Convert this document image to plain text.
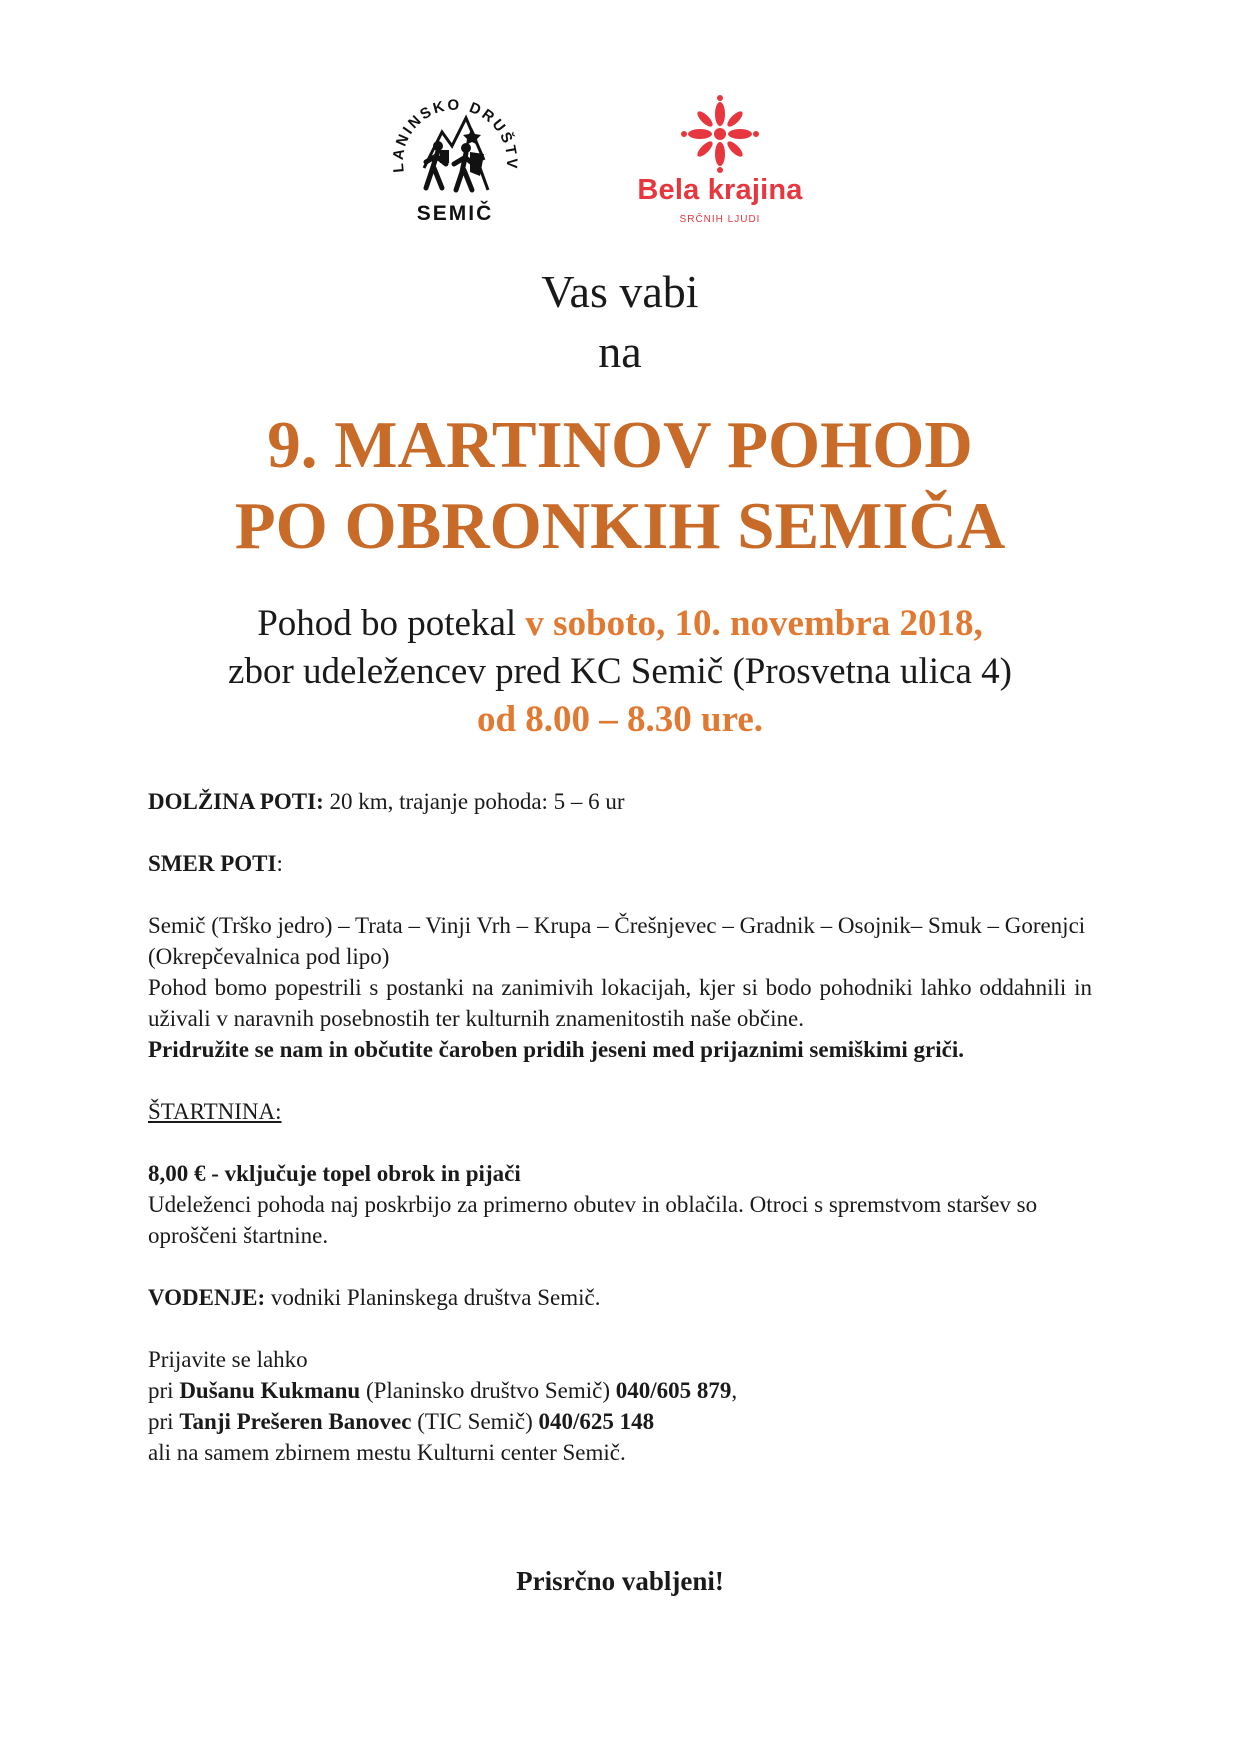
LANINSKO DRUŠTV
SEMIČ
Bela krajina
SRČNIH LJUDI
Vas vabi
na
9. MARTINOV POHOD
PO OBRONKIH SEMIČA
Pohod bo potekal v soboto, 10. novembra 2018,
zbor udeležencev pred KC Semič (Prosvetna ulica 4)
od 8.00 – 8.30 ure.

DOLŽINA POTI: 20 km, trajanje pohoda: 5 – 6 ur

SMER POTI:

Semič (Trško jedro) – Trata – Vinji Vrh – Krupa – Črešnjevec – Gradnik – Osojnik– Smuk – Gorenjci (Okrepčevalnica pod lipo)

Pohod bomo popestrili s postanki na zanimivih lokacijah, kjer si bodo pohodniki lahko oddahnili in uživali v naravnih posebnostih ter kulturnih znamenitostih naše občine.

Pridružite se nam in občutite čaroben pridih jeseni med prijaznimi semiškimi griči.

ŠTARTNINA:

8,00 € - vključuje topel obrok in pijači

Udeleženci pohoda naj poskrbijo za primerno obutev in oblačila. Otroci s spremstvom staršev so oproščeni štartnine.

VODENJE: vodniki Planinskega društva Semič.

Prijavite se lahko

pri Dušanu Kukmanu (Planinsko društvo Semič) 040/605 879,

pri Tanji Prešeren Banovec (TIC Semič) 040/625 148

ali na samem zbirnem mestu Kulturni center Semič.

Prisrčno vabljeni!
